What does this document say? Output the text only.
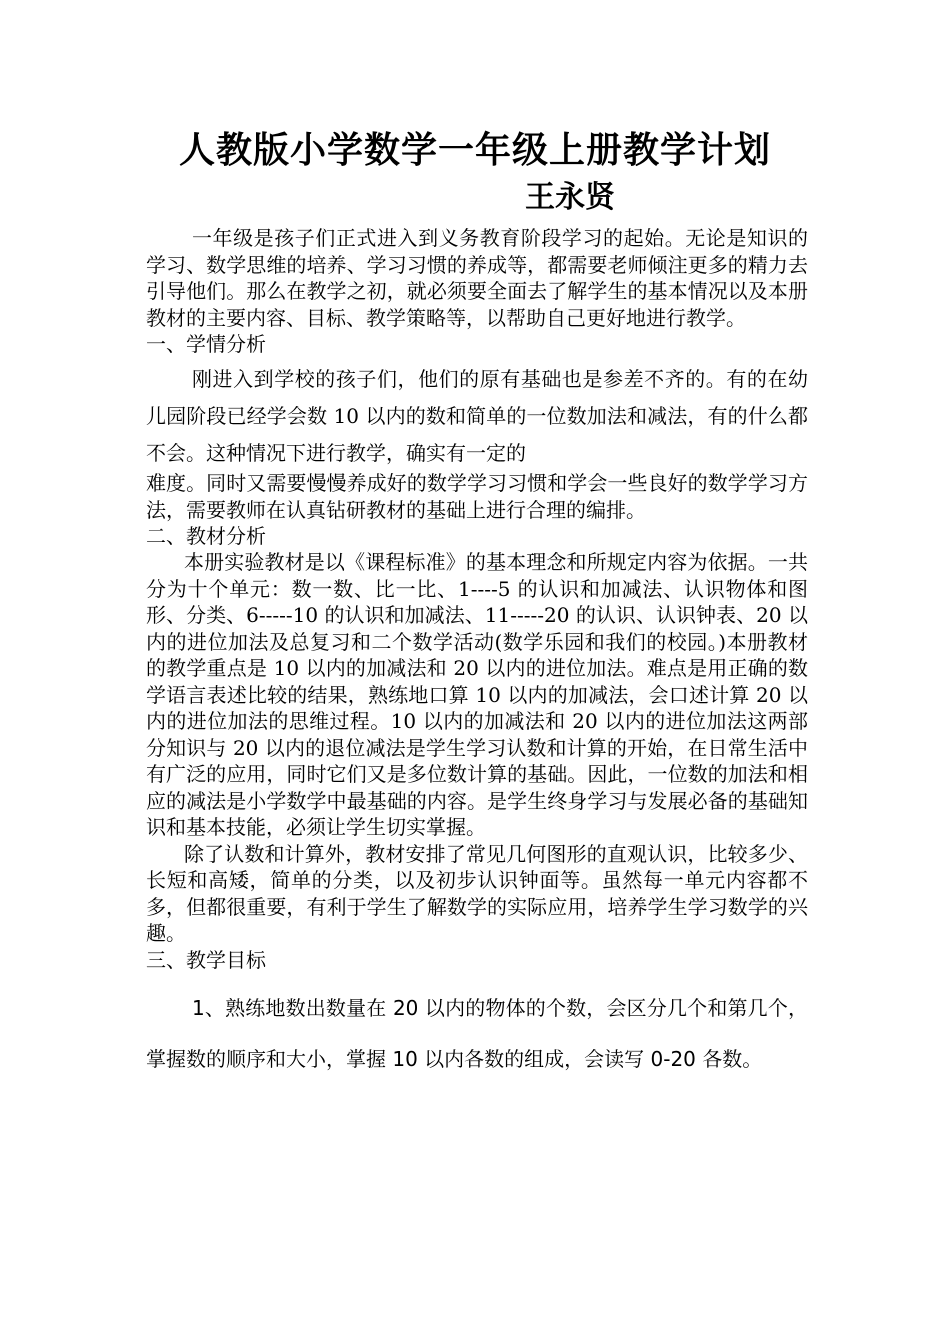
人教版小学数学一年级上册教学计划
王永贤

一年级是孩子们正式进入到义务教育阶段学习的起始。无论是知识的学习、数学思维的培养、学习习惯的养成等，都需要老师倾注更多的精力去引导他们。那么在教学之初，就必须要全面去了解学生的基本情况以及本册教材的主要内容、目标、教学策略等，以帮助自己更好地进行教学。

一、学情分析

刚进入到学校的孩子们，他们的原有基础也是参差不齐的。有的在幼儿园阶段已经学会数 10 以内的数和简单的一位数加法和减法，有的什么都不会。这种情况下进行教学，确实有一定的

难度。同时又需要慢慢养成好的数学学习习惯和学会一些良好的数学学习方法，需要教师在认真钻研教材的基础上进行合理的编排。

二、教材分析

本册实验教材是以《课程标准》的基本理念和所规定内容为依据。一共分为十个单元：数一数、比一比、1----5 的认识和加减法、认识物体和图形、分类、6-----10 的认识和加减法、11-----20 的认识、认识钟表、20 以内的进位加法及总复习和二个数学活动(数学乐园和我们的校园。)本册教材的教学重点是 10 以内的加减法和 20 以内的进位加法。难点是用正确的数学语言表述比较的结果，熟练地口算 10 以内的加减法，会口述计算 20 以内的进位加法的思维过程。10 以内的加减法和 20 以内的进位加法这两部分知识与 20 以内的退位减法是学生学习认数和计算的开始，在日常生活中有广泛的应用，同时它们又是多位数计算的基础。因此，一位数的加法和相应的减法是小学数学中最基础的内容。是学生终身学习与发展必备的基础知识和基本技能，必须让学生切实掌握。

除了认数和计算外，教材安排了常见几何图形的直观认识，比较多少、长短和高矮，简单的分类，以及初步认识钟面等。虽然每一单元内容都不多，但都很重要，有利于学生了解数学的实际应用，培养学生学习数学的兴趣。

三、教学目标

1、熟练地数出数量在 20 以内的物体的个数，会区分几个和第几个，掌握数的顺序和大小，掌握 10 以内各数的组成，会读写 0-20 各数。
